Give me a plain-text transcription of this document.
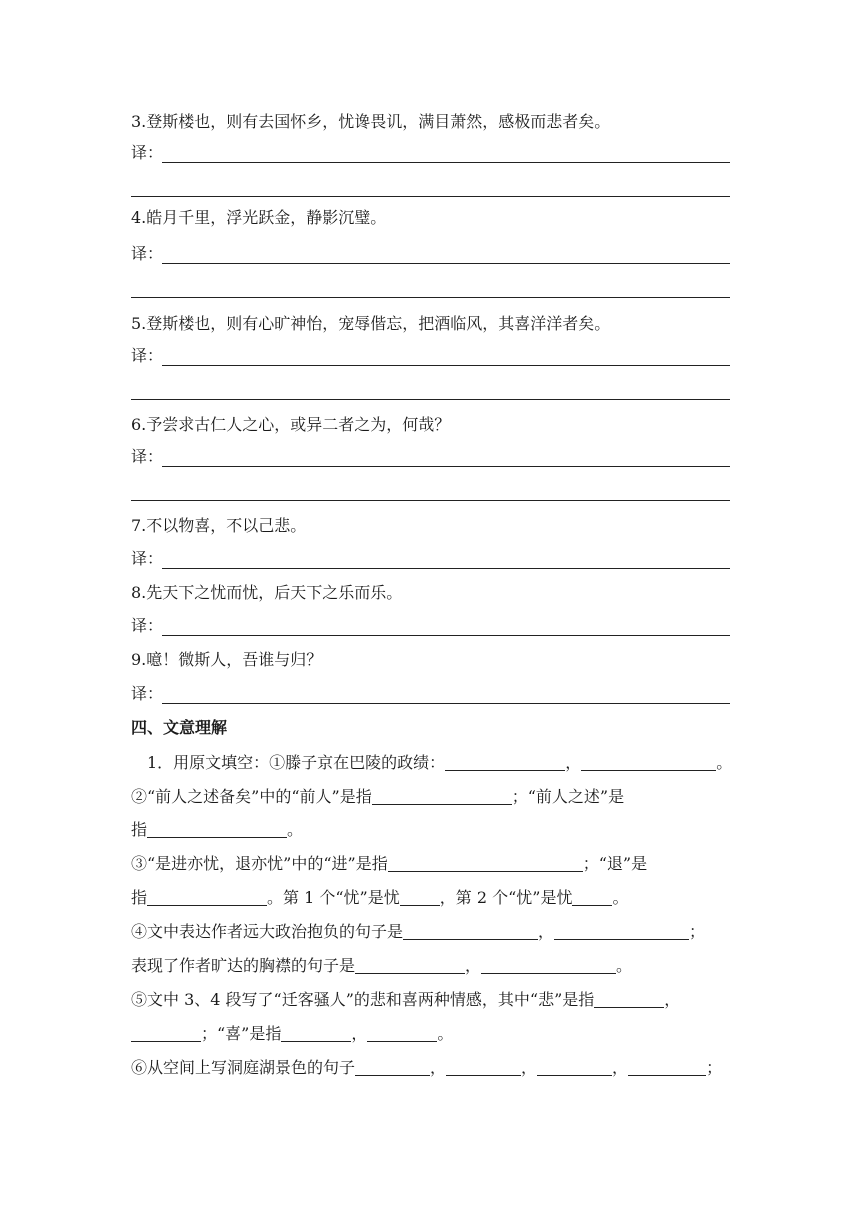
3.登斯楼也，则有去国怀乡，忧谗畏讥，满目萧然，感极而悲者矣。
译：
4.皓月千里，浮光跃金，静影沉璧。
译：
5.登斯楼也，则有心旷神怡，宠辱偕忘，把酒临风，其喜洋洋者矣。
译：
6.予尝求古仁人之心，或异二者之为，何哉？
译：
7.不以物喜，不以己悲。
译：
8.先天下之忧而忧，后天下之乐而乐。
译：
9.噫！微斯人，吾谁与归？
译：
四、文意理解
1．用原文填空：①滕子京在巴陵的政绩：	，	。
②“前人之述备矣”中的“前人”是指	；“前人之述”是
指	。
③“是进亦忧，退亦忧”中的“进”是指	；“退”是
指	。第 1 个“忧”是忧	，第 2 个“忧”是忧	。
④文中表达作者远大政治抱负的句子是	，	；
表现了作者旷达的胸襟的句子是	，	。
⑤文中 3、4 段写了“迁客骚人”的悲和喜两种情感，其中“悲”是指	，
；“喜”是指	，	。
⑥从空间上写洞庭湖景色的句子	，	，	，	；
